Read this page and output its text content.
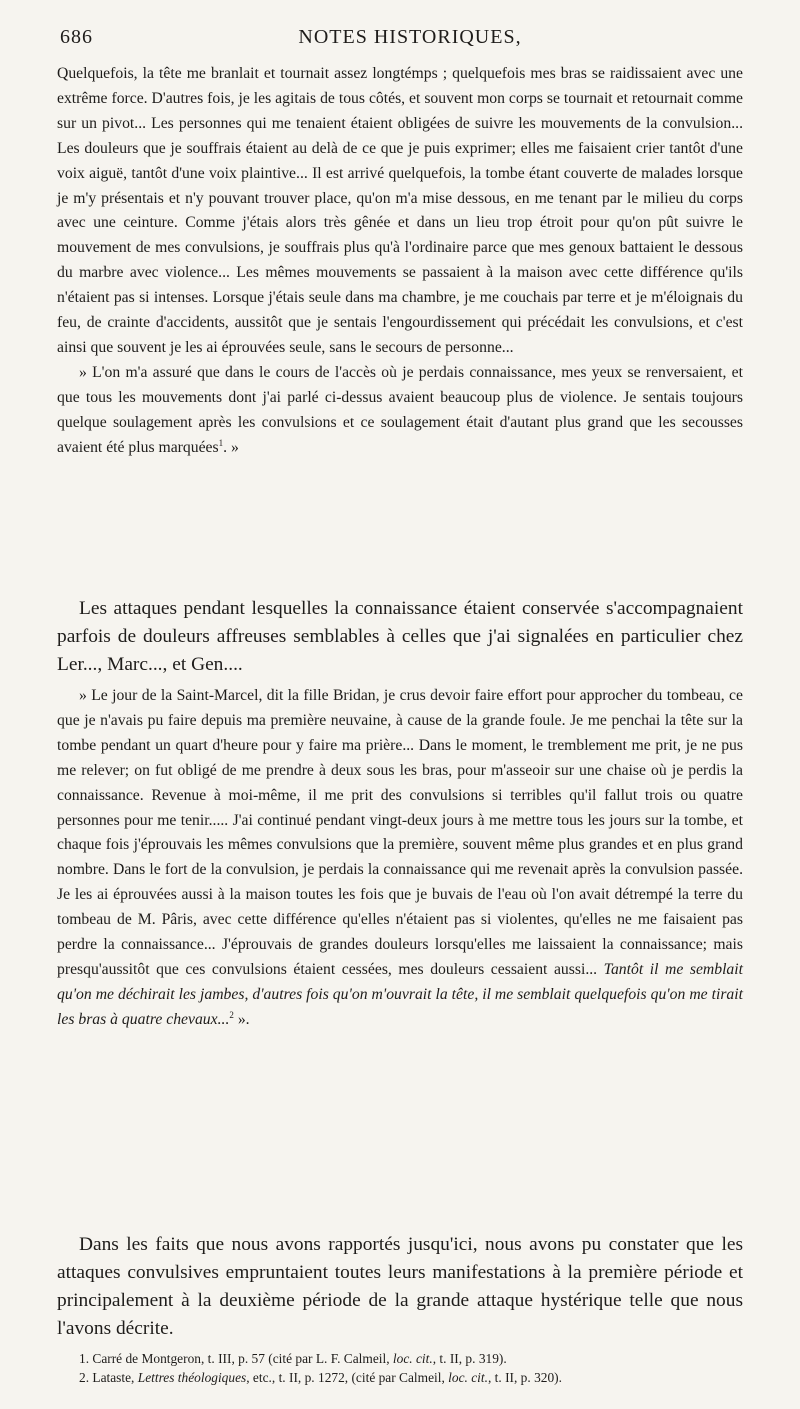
686	NOTES HISTORIQUES,

Quelquefois, la tête me branlait et tournait assez longtémps ; quelquefois mes bras se raidissaient avec une extrême force. D'autres fois, je les agitais de tous côtés, et souvent mon corps se tournait et retournait comme sur un pivot... Les personnes qui me tenaient étaient obligées de suivre les mouvements de la convulsion... Les douleurs que je souffrais étaient au delà de ce que je puis exprimer; elles me faisaient crier tantôt d'une voix aiguë, tantôt d'une voix plaintive... Il est arrivé quelquefois, la tombe étant couverte de malades lorsque je m'y présentais et n'y pouvant trouver place, qu'on m'a mise dessous, en me tenant par le milieu du corps avec une ceinture. Comme j'étais alors très gênée et dans un lieu trop étroit pour qu'on pût suivre le mouvement de mes convulsions, je souffrais plus qu'à l'ordinaire parce que mes genoux battaient le dessous du marbre avec violence... Les mêmes mouvements se passaient à la maison avec cette différence qu'ils n'étaient pas si intenses. Lorsque j'étais seule dans ma chambre, je me couchais par terre et je m'éloignais du feu, de crainte d'accidents, aussitôt que je sentais l'engourdissement qui précédait les convulsions, et c'est ainsi que souvent je les ai éprouvées seule, sans le secours de personne...

» L'on m'a assuré que dans le cours de l'accès où je perdais connaissance, mes yeux se renversaient, et que tous les mouvements dont j'ai parlé ci-dessus avaient beaucoup plus de violence. Je sentais toujours quelque soulagement après les convulsions et ce soulagement était d'autant plus grand que les secousses avaient été plus marquées$^1$. »

Les attaques pendant lesquelles la connaissance étaient conservée s'accompagnaient parfois de douleurs affreuses semblables à celles que j'ai signalées en particulier chez Ler..., Marc..., et Gen....

» Le jour de la Saint-Marcel, dit la fille Bridan, je crus devoir faire effort pour approcher du tombeau, ce que je n'avais pu faire depuis ma première neuvaine, à cause de la grande foule. Je me penchai la tête sur la tombe pendant un quart d'heure pour y faire ma prière... Dans le moment, le tremblement me prit, je ne pus me relever; on fut obligé de me prendre à deux sous les bras, pour m'asseoir sur une chaise où je perdis la connaissance. Revenue à moi-même, il me prit des convulsions si terribles qu'il fallut trois ou quatre personnes pour me tenir..... J'ai continué pendant vingt-deux jours à me mettre tous les jours sur la tombe, et chaque fois j'éprouvais les mêmes convulsions que la première, souvent même plus grandes et en plus grand nombre. Dans le fort de la convulsion, je perdais la connaissance qui me revenait après la convulsion passée. Je les ai éprouvées aussi à la maison toutes les fois que je buvais de l'eau où l'on avait détrempé la terre du tombeau de M. Pâris, avec cette différence qu'elles n'étaient pas si violentes, qu'elles ne me faisaient pas perdre la connaissance... J'éprouvais de grandes douleurs lorsqu'elles me laissaient la connaissance; mais presqu'aussitôt que ces convulsions étaient cessées, mes douleurs cessaient aussi... Tantôt il me semblait qu'on me déchirait les jambes, d'autres fois qu'on m'ouvrait la tête, il me semblait quelquefois qu'on me tirait les bras à quatre chevaux...$^2$ ».

Dans les faits que nous avons rapportés jusqu'ici, nous avons pu constater que les attaques convulsives empruntaient toutes leurs manifestations à la première période et principalement à la deuxième période de la grande attaque hystérique telle que nous l'avons décrite.

1. Carré de Montgeron, t. III, p. 57 (cité par L. F. Calmeil, loc. cit., t. II, p. 319).

2. Lataste, Lettres théologiques, etc., t. II, p. 1272, (cité par Calmeil, loc. cit., t. II, p. 320).
